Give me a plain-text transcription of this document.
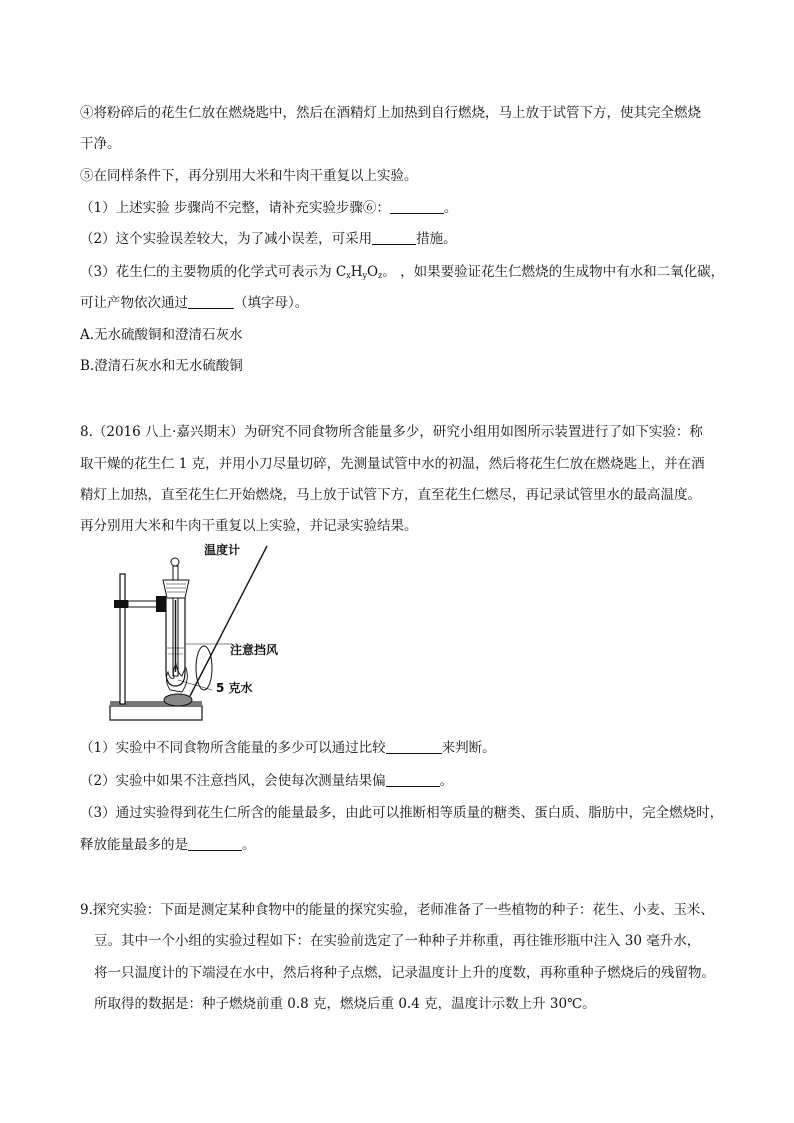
④将粉碎后的花生仁放在燃烧匙中，然后在酒精灯上加热到自行燃烧，马上放于试管下方，使其完全燃烧
干净。
⑤在同样条件下，再分别用大米和牛肉干重复以上实验。
（1）上述实验 步骤尚不完整，请补充实验步骤⑥：	。
（2）这个实验误差较大，为了减小误差，可采用	措施。
（3）花生仁的主要物质的化学式可表示为 $C_xH_yO_z$。 ，如果要验证花生仁燃烧的生成物中有水和二氧化碳，
可让产物依次通过	（填字母）。
A.无水硫酸铜和澄清石灰水
B.澄清石灰水和无水硫酸铜
8.（2016 八上·嘉兴期末）为研究不同食物所含能量多少，研究小组用如图所示装置进行了如下实验：称
取干燥的花生仁 1 克，并用小刀尽量切碎，先测量试管中水的初温，然后将花生仁放在燃烧匙上，并在酒
精灯上加热，直至花生仁开始燃烧，马上放于试管下方，直至花生仁燃尽，再记录试管里水的最高温度。
再分别用大米和牛肉干重复以上实验，并记录实验结果。
温度计
注意挡风
5 克水
（1）实验中不同食物所含能量的多少可以通过比较	来判断。
（2）实验中如果不注意挡风，会使每次测量结果偏	。
（3）通过实验得到花生仁所含的能量最多，由此可以推断相等质量的糖类、蛋白质、脂肪中，完全燃烧时，
释放能量最多的是	。
9.探究实验：下面是测定某种食物中的能量的探究实验，老师准备了一些植物的种子：花生、小麦、玉米、
豆。其中一个小组的实验过程如下：在实验前选定了一种种子并称重，再往锥形瓶中注入 30 毫升水，
将一只温度计的下端浸在水中，然后将种子点燃，记录温度计上升的度数，再称重种子燃烧后的残留物。
所取得的数据是：种子燃烧前重 0.8 克，燃烧后重 0.4 克，温度计示数上升 30℃。
